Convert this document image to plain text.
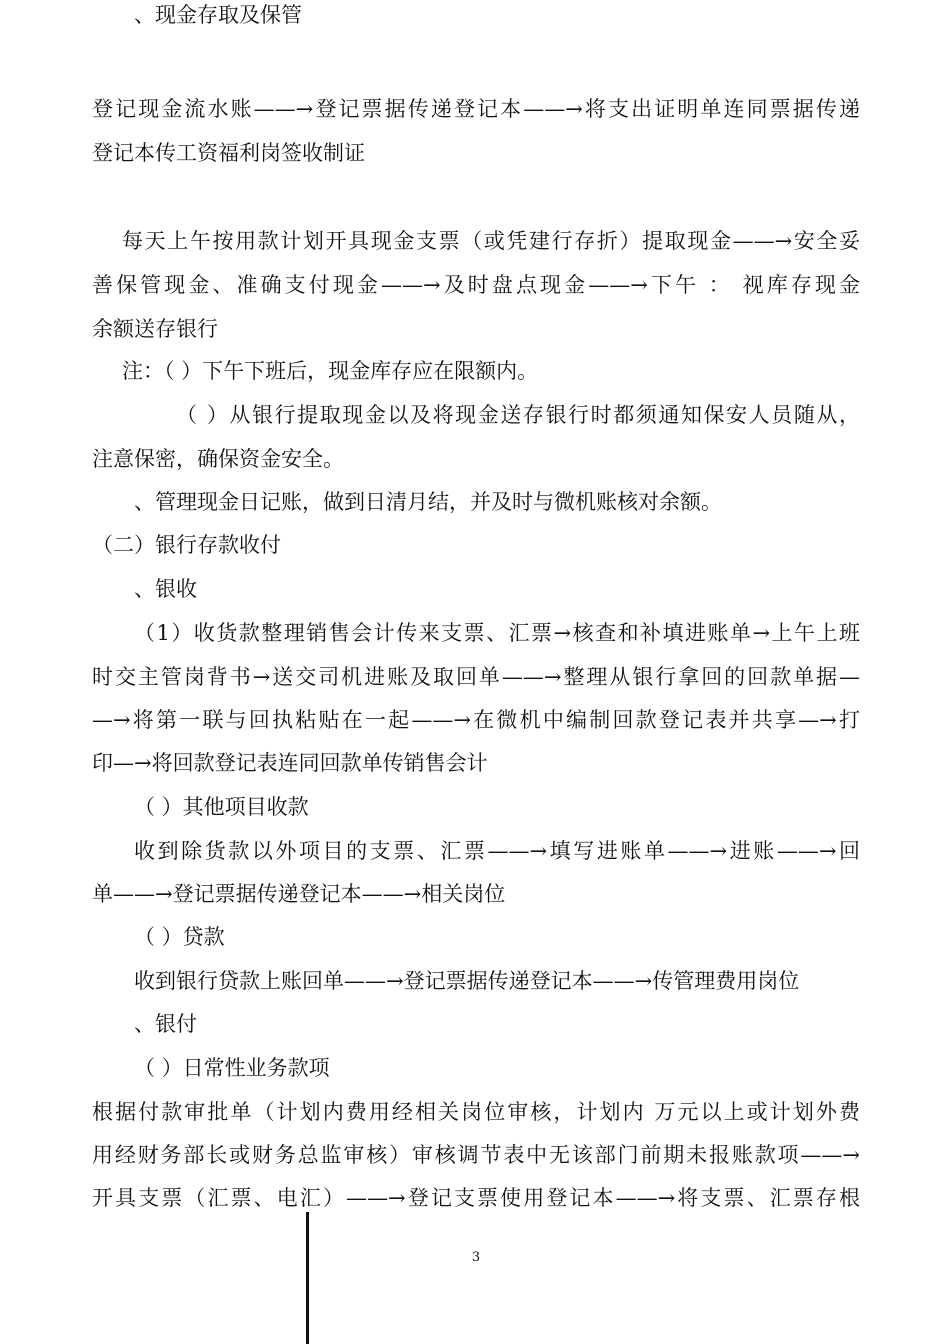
登记现金流水账——→登记票据传递登记本——→将支出证明单连同票据传递
登记本传工资福利岗签收制证
、现金存取及保管
每天上午按用款计划开具现金支票（或凭建行存折）提取现金——→安全妥
善保管现金、准确支付现金——→及时盘点现金——→下午 ： 视库存现金
余额送存银行
注：（ ）下午下班后，现金库存应在限额内。
（ ）从银行提取现金以及将现金送存银行时都须通知保安人员随从，
注意保密，确保资金安全。
、管理现金日记账，做到日清月结，并及时与微机账核对余额。
（二）银行存款收付
、银收
（1）收货款整理销售会计传来支票、汇票→核查和补填进账单→上午上班
时交主管岗背书→送交司机进账及取回单——→整理从银行拿回的回款单据—
—→将第一联与回执粘贴在一起——→在微机中编制回款登记表并共享—→打
印—→将回款登记表连同回款单传销售会计
（ ）其他项目收款
收到除货款以外项目的支票、汇票——→填写进账单——→进账——→回
单——→登记票据传递登记本——→相关岗位
（ ）贷款
收到银行贷款上账回单——→登记票据传递登记本——→传管理费用岗位
、银付
（ ）日常性业务款项
根据付款审批单（计划内费用经相关岗位审核，计划内 万元以上或计划外费
用经财务部长或财务总监审核）审核调节表中无该部门前期未报账款项——→
开具支票（汇票、电汇）——→登记支票使用登记本——→将支票、汇票存根
3
